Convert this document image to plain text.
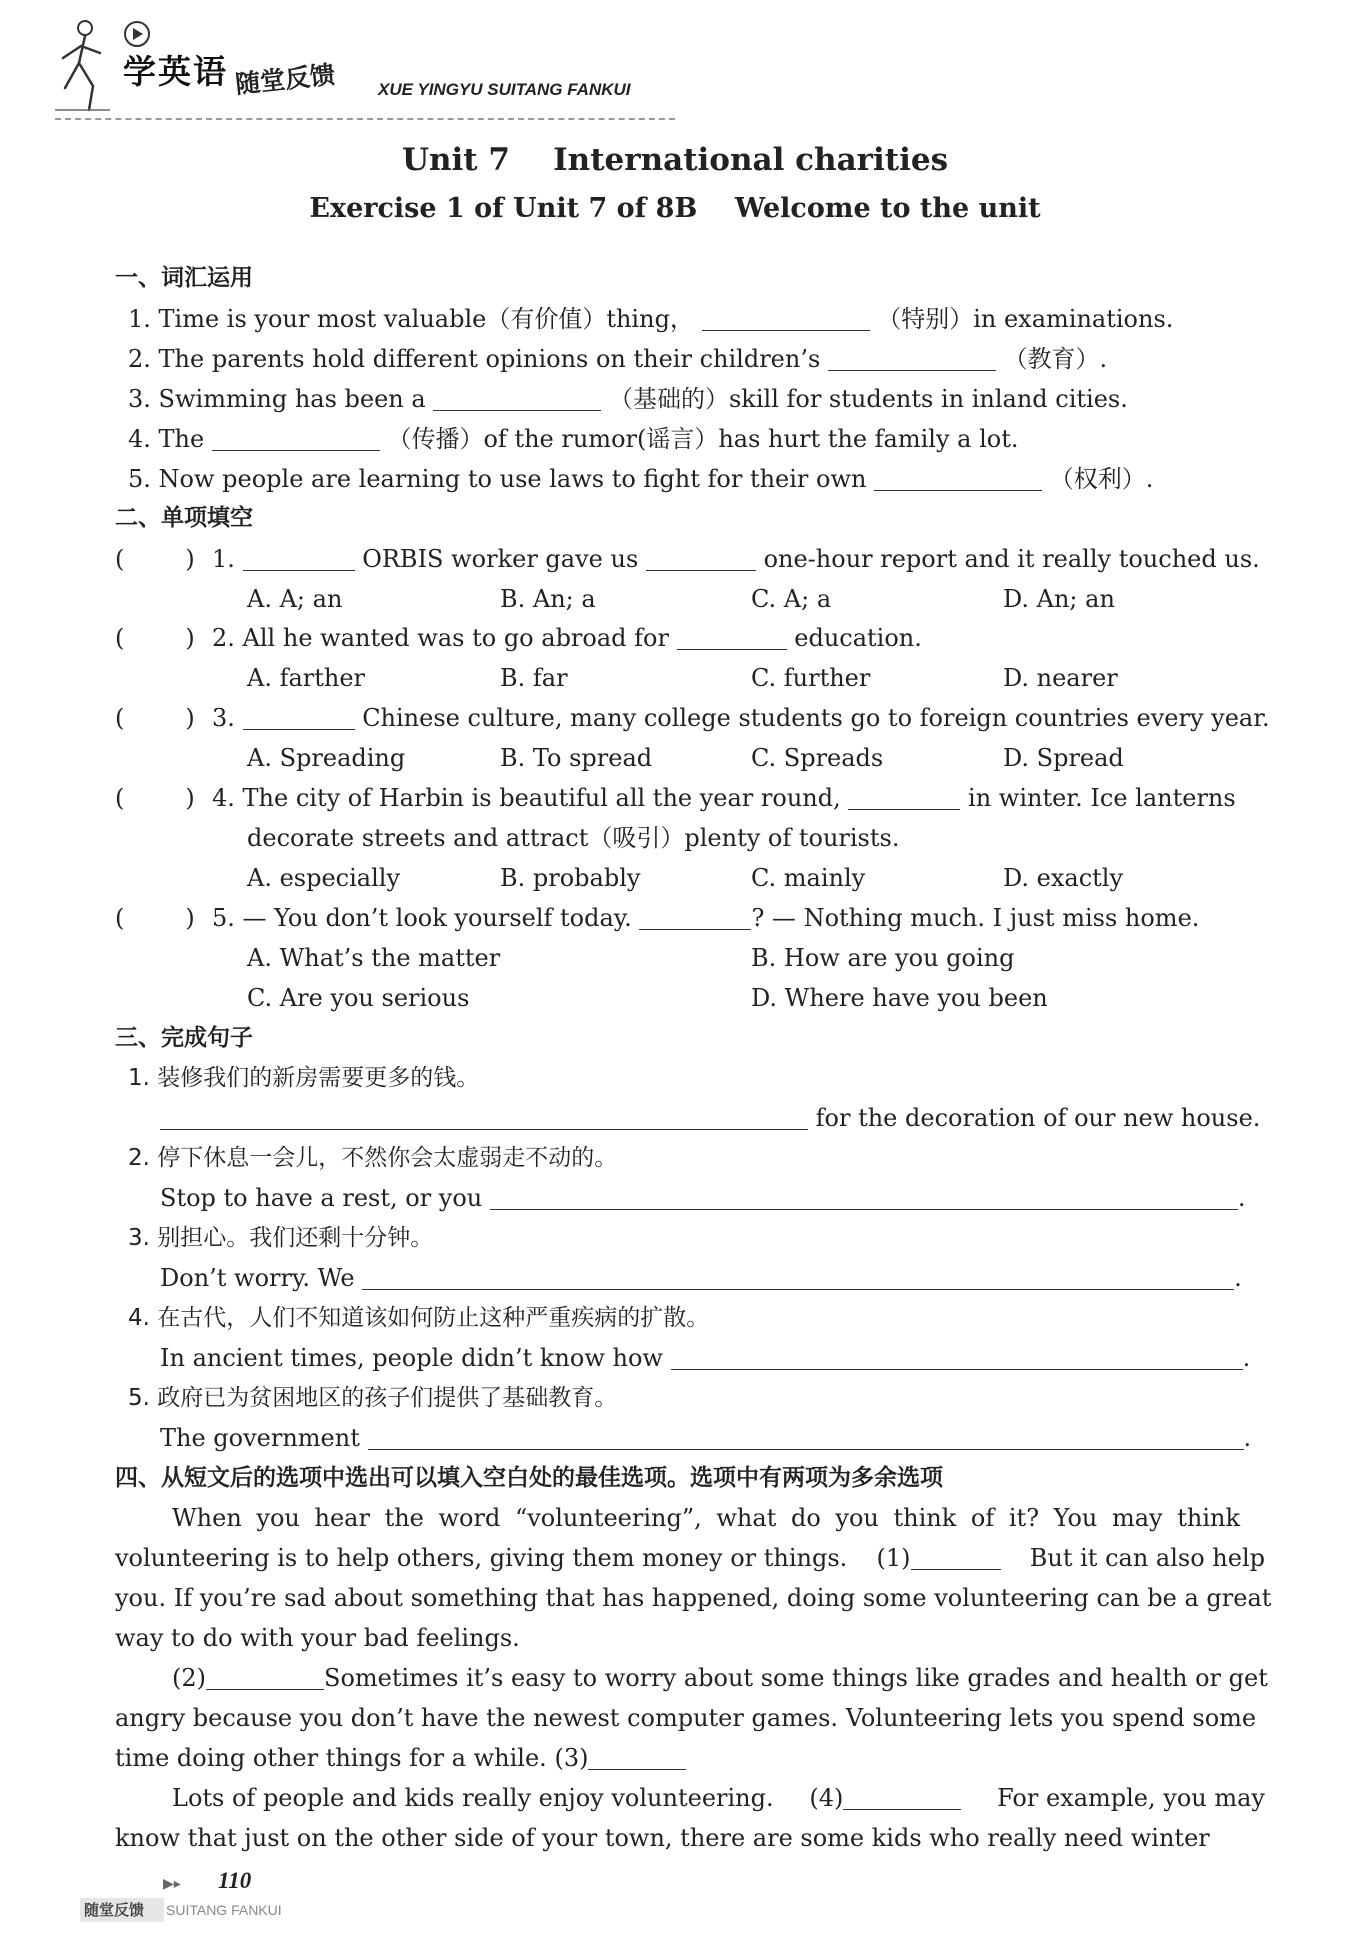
学英语 随堂反馈 XUE YINGYU SUITANG FANKUI
Unit 7    International charities
Exercise 1 of Unit 7 of 8B    Welcome to the unit
一、词汇运用
1. Time is your most valuable（有价值）thing，	（特别）in examinations.
2. The parents hold different opinions on their children’s	（教育）.
3. Swimming has been a	（基础的）skill for students in inland cities.
4. The	（传播）of the rumor(谣言）has hurt the family a lot.
5. Now people are learning to use laws to fight for their own	（权利）.
二、单项填空
(        ) 1.	ORBIS worker gave us	one-hour report and it really touched us.
A. A; an	B. An; a	C. A; a	D. An; an
(        ) 2. All he wanted was to go abroad for	education.
A. farther	B. far	C. further	D. nearer
(        ) 3.	Chinese culture, many college students go to foreign countries every year.
A. Spreading	B. To spread	C. Spreads	D. Spread
(        ) 4. The city of Harbin is beautiful all the year round,	in winter. Ice lanterns
decorate streets and attract（吸引）plenty of tourists.
A. especially	B. probably	C. mainly	D. exactly
(        ) 5. — You don’t look yourself today.	? — Nothing much. I just miss home.
A. What’s the matter	B. How are you going
C. Are you serious	D. Where have you been
三、完成句子
1. 装修我们的新房需要更多的钱。
for the decoration of our new house.
2. 停下休息一会儿，不然你会太虚弱走不动的。
Stop to have a rest, or you	.
3. 别担心。我们还剩十分钟。
Don’t worry. We	.
4. 在古代，人们不知道该如何防止这种严重疾病的扩散。
In ancient times, people didn’t know how	.
5. 政府已为贫困地区的孩子们提供了基础教育。
The government	.
四、从短文后的选项中选出可以填入空白处的最佳选项。选项中有两项为多余选项
When you hear the word “volunteering”, what do you think of it? You may think
volunteering is to help others, giving them money or things. (1)	But it can also help
you. If you’re sad about something that has happened, doing some volunteering can be a great
way to do with your bad feelings.
(2)	Sometimes it’s easy to worry about some things like grades and health or get
angry because you don’t have the newest computer games. Volunteering lets you spend some
time doing other things for a while. (3)
Lots of people and kids really enjoy volunteering. (4)	For example, you may
know that just on the other side of your town, there are some kids who really need winter
▶▸ 110
随堂反馈	SUITANG FANKUI
